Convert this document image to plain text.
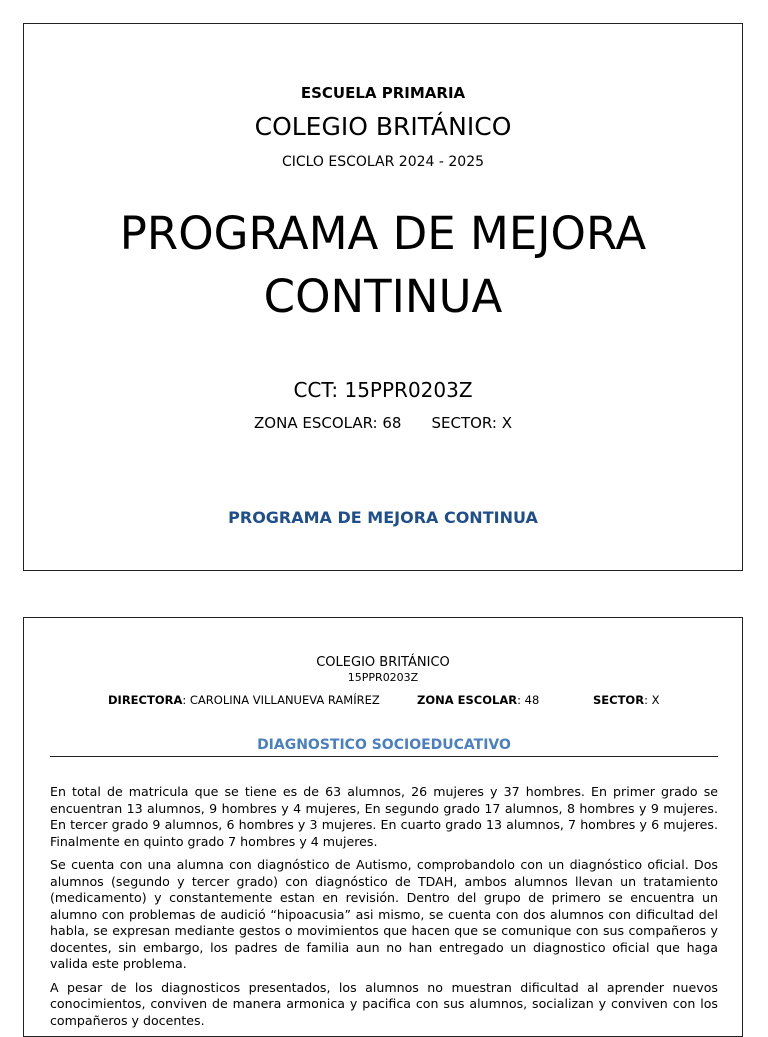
ESCUELA PRIMARIA
COLEGIO BRITÁNICO
CICLO ESCOLAR 2024 - 2025
PROGRAMA DE MEJORA
CONTINUA
CCT: 15PPR0203Z
ZONA ESCOLAR: 68 SECTOR: X
PROGRAMA DE MEJORA CONTINUA
COLEGIO BRITÁNICO
15PPR0203Z
DIRECTORA: CAROLINA VILLANUEVA RAMÍREZ	ZONA ESCOLAR: 48	SECTOR: X
DIAGNOSTICO SOCIOEDUCATIVO

En total de matricula que se tiene es de 63 alumnos, 26 mujeres y 37 hombres. En primer grado se encuentran 13 alumnos, 9 hombres y 4 mujeres, En segundo grado 17 alumnos, 8 hombres y 9 mujeres. En tercer grado 9 alumnos, 6 hombres y 3 mujeres. En cuarto grado 13 alumnos, 7 hombres y 6 mujeres. Finalmente en quinto grado 7 hombres y 4 mujeres.

Se cuenta con una alumna con diagnóstico de Autismo, comprobandolo con un diagnóstico oficial. Dos alumnos (segundo y tercer grado) con diagnóstico de TDAH, ambos alumnos llevan un tratamiento (medicamento) y constantemente estan en revisión. Dentro del grupo de primero se encuentra un alumno con problemas de audició “hipoacusia” asi mismo, se cuenta con dos alumnos con dificultad del habla, se expresan mediante gestos o movimientos que hacen que se comunique con sus compañeros y docentes, sin embargo, los padres de familia aun no han entregado un diagnostico oficial que haga valida este problema.

A pesar de los diagnosticos presentados, los alumnos no muestran dificultad al aprender nuevos conocimientos, conviven de manera armonica y pacifica con sus alumnos, socializan y conviven con los compañeros y docentes.
